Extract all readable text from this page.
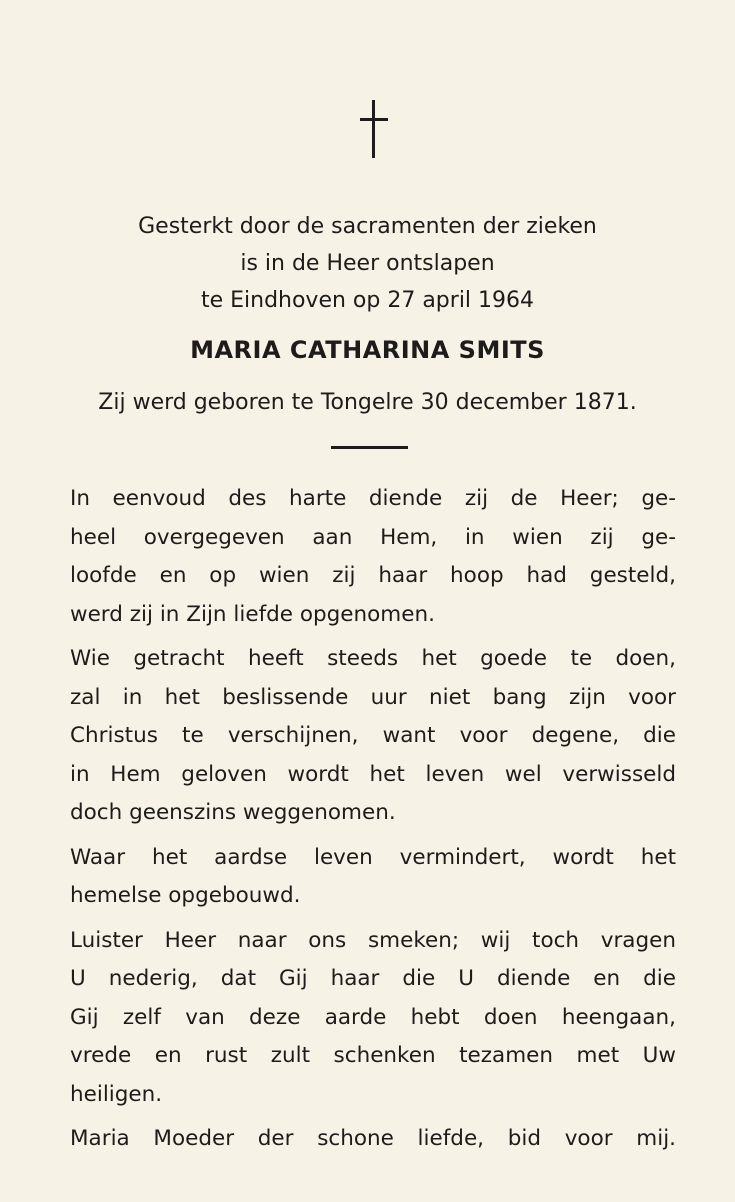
Gesterkt door de sacramenten der zieken
is in de Heer ontslapen
te Eindhoven op 27 april 1964
MARIA CATHARINA SMITS
Zij werd geboren te Tongelre 30 december 1871.
In eenvoud des harte diende zij de Heer; ge-
heel overgegeven aan Hem, in wien zij ge-
loofde en op wien zij haar hoop had gesteld,
werd zij in Zijn liefde opgenomen.
Wie getracht heeft steeds het goede te doen,
zal in het beslissende uur niet bang zijn voor
Christus te verschijnen, want voor degene, die
in Hem geloven wordt het leven wel verwisseld
doch geenszins weggenomen.
Waar het aardse leven vermindert, wordt het
hemelse opgebouwd.
Luister Heer naar ons smeken; wij toch vragen
U nederig, dat Gij haar die U diende en die
Gij zelf van deze aarde hebt doen heengaan,
vrede en rust zult schenken tezamen met Uw
heiligen.
Maria Moeder der schone liefde, bid voor mij.
